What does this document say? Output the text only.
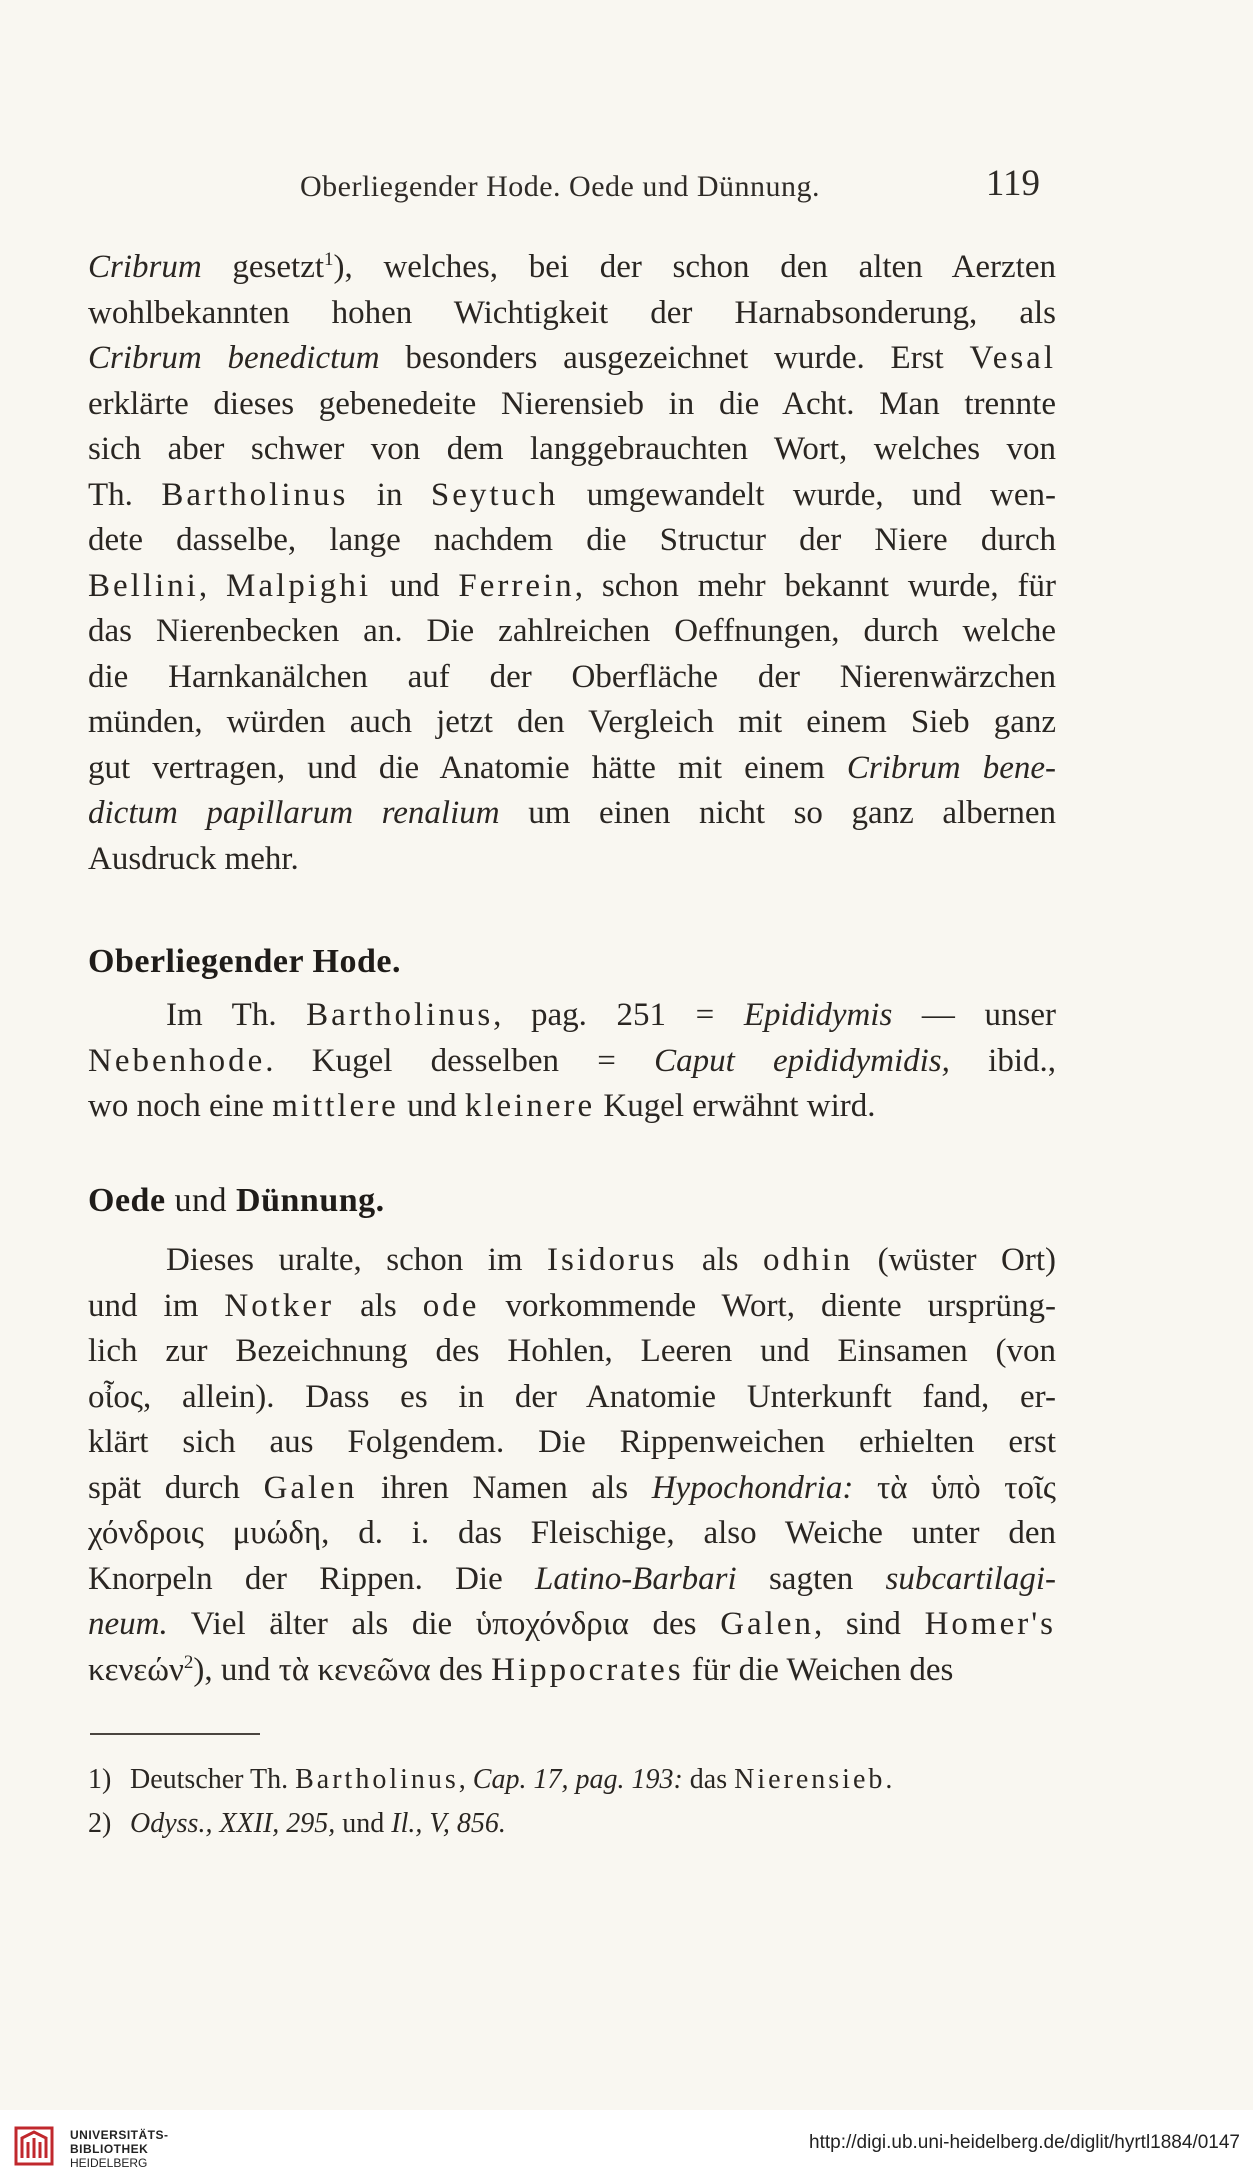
Oberliegender Hode. Oede und Dünnung.	119

Cribrum gesetzt$^1$), welches, bei der schon den alten Aerzten

wohlbekannten hohen Wichtigkeit der Harnabsonderung, als

Cribrum benedictum besonders ausgezeichnet wurde. Erst Vesal

erklärte dieses gebenedeite Nierensieb in die Acht. Man trennte

sich aber schwer von dem langgebrauchten Wort, welches von

Th. Bartholinus in Seytuch umgewandelt wurde, und wen-

dete dasselbe, lange nachdem die Structur der Niere durch

Bellini, Malpighi und Ferrein, schon mehr bekannt wurde, für

das Nierenbecken an. Die zahlreichen Oeffnungen, durch welche

die Harnkanälchen auf der Oberfläche der Nierenwärzchen

münden, würden auch jetzt den Vergleich mit einem Sieb ganz

gut vertragen, und die Anatomie hätte mit einem Cribrum bene-

dictum papillarum renalium um einen nicht so ganz albernen

Ausdruck mehr.

Oberliegender Hode.

Im Th. Bartholinus, pag. 251 = Epididymis — unser

Nebenhode. Kugel desselben = Caput epididymidis, ibid.,

wo noch eine mittlere und kleinere Kugel erwähnt wird.

Oede und Dünnung.

Dieses uralte, schon im Isidorus als odhin (wüster Ort)

und im Notker als ode vorkommende Wort, diente ursprüng-

lich zur Bezeichnung des Hohlen, Leeren und Einsamen (von

οἶος, allein). Dass es in der Anatomie Unterkunft fand, er-

klärt sich aus Folgendem. Die Rippenweichen erhielten erst

spät durch Galen ihren Namen als Hypochondria: τὰ ὑπὸ τοῖς

χόνδροις μυώδη, d. i. das Fleischige, also Weiche unter den

Knorpeln der Rippen. Die Latino-Barbari sagten subcartilagi-

neum. Viel älter als die ὑποχόνδρια des Galen, sind Homer's

κενεών$^2$), und τὰ κενεῶνα des Hippocrates für die Weichen des

1) Deutscher Th. Bartholinus, Cap. 17, pag. 193: das Nierensieb.

2) Odyss., XXII, 295, und Il., V, 856.

UNIVERSITÄTS-
BIBLIOTHEK
HEIDELBERG
http://digi.ub.uni-heidelberg.de/diglit/hyrtl1884/0147
